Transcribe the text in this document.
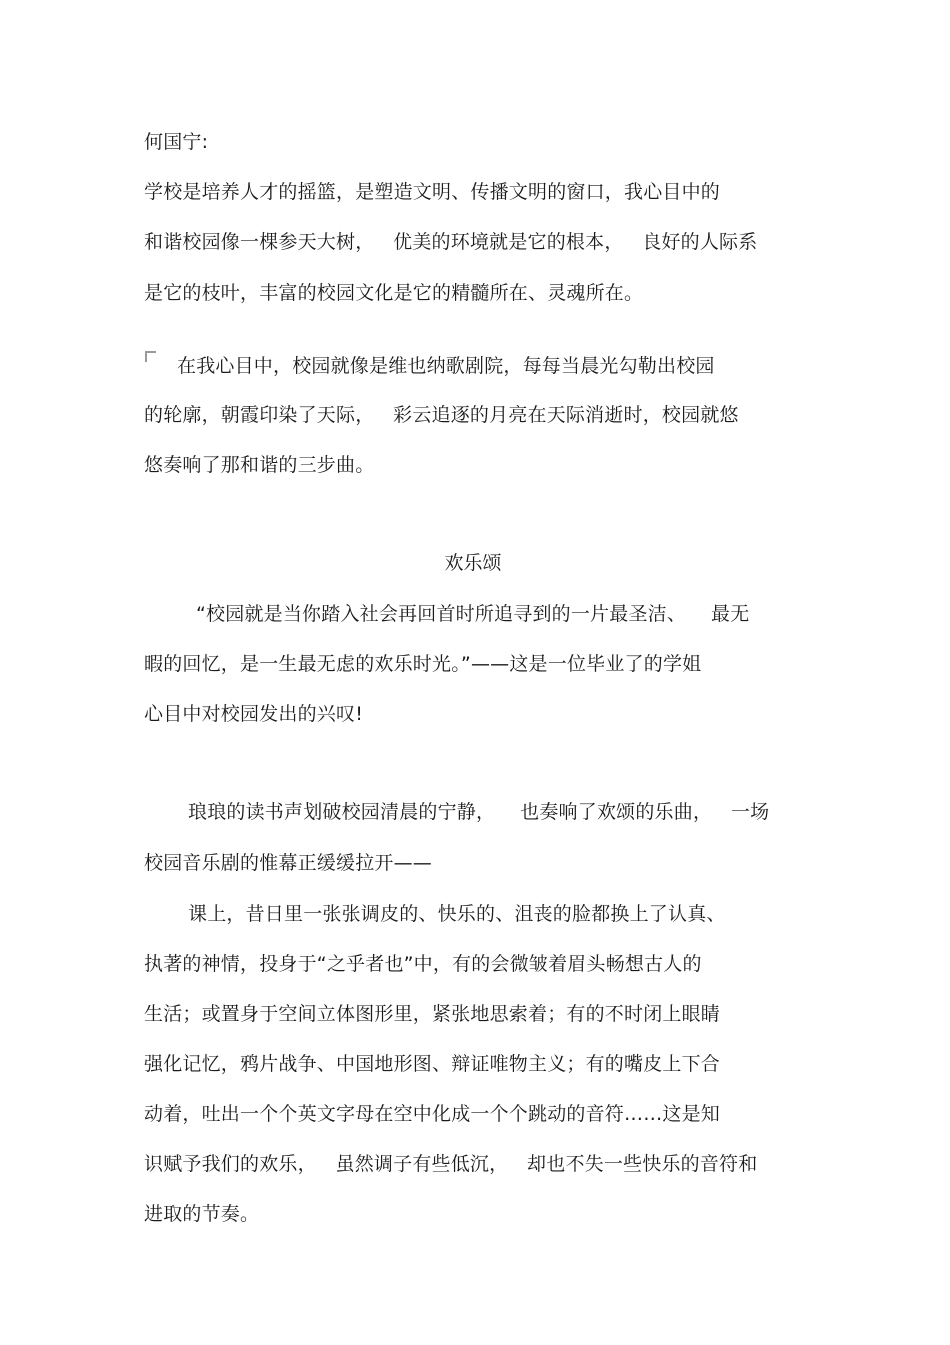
何国宁:
学校是培养人才的摇篮，是塑造文明、传播文明的窗口，我心目中的
和谐校园像一棵参天大树，   优美的环境就是它的根本，   良好的人际系
是它的枝叶，丰富的校园文化是它的精髓所在、灵魂所在。
在我心目中，校园就像是维也纳歌剧院，每每当晨光勾勒出校园
的轮廓，朝霞印染了天际，   彩云追逐的月亮在天际消逝时，校园就悠
悠奏响了那和谐的三步曲。
欢乐颂
“校园就是当你踏入社会再回首时所追寻到的一片最圣洁、    最无
暇的回忆，是一生最无虑的欢乐时光。”——这是一位毕业了的学姐
心目中对校园发出的兴叹!
琅琅的读书声划破校园清晨的宁静，    也奏响了欢颂的乐曲，   一场
校园音乐剧的惟幕正缓缓拉开——
课上，昔日里一张张调皮的、快乐的、沮丧的脸都换上了认真、
执著的神情，投身于“之乎者也”中，有的会微皱着眉头畅想古人的
生活；或置身于空间立体图形里，紧张地思索着；有的不时闭上眼睛
强化记忆，鸦片战争、中国地形图、辩证唯物主义；有的嘴皮上下合
动着，吐出一个个英文字母在空中化成一个个跳动的音符……这是知
识赋予我们的欢乐，   虽然调子有些低沉，   却也不失一些快乐的音符和
进取的节奏。
